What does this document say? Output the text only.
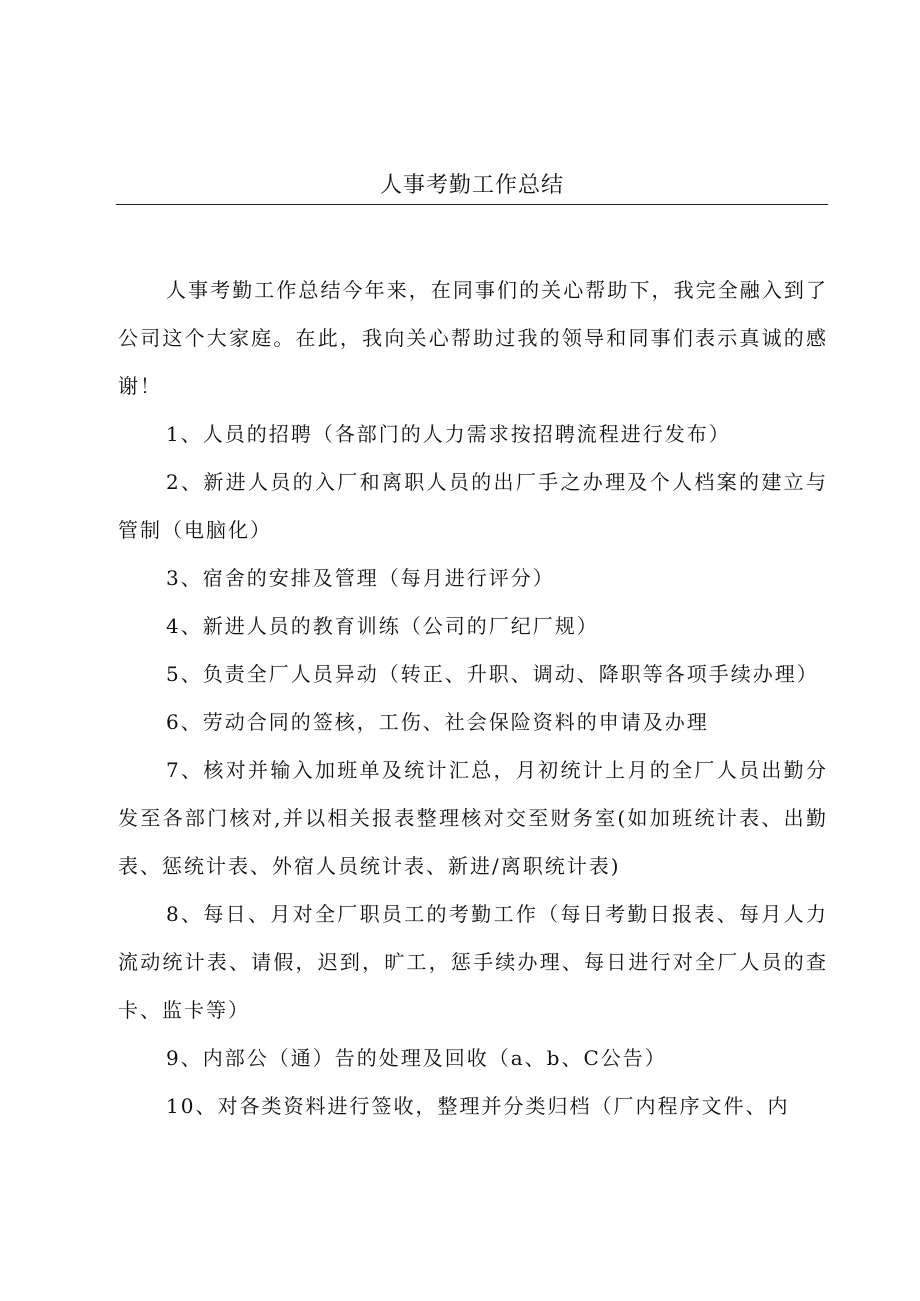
人事考勤工作总结

人事考勤工作总结今年来，在同事们的关心帮助下，我完全融入到了公司这个大家庭。在此，我向关心帮助过我的领导和同事们表示真诚的感谢！

1、人员的招聘（各部门的人力需求按招聘流程进行发布）

2、新进人员的入厂和离职人员的出厂手之办理及个人档案的建立与管制（电脑化）

3、宿舍的安排及管理（每月进行评分）

4、新进人员的教育训练（公司的厂纪厂规）

5、负责全厂人员异动（转正、升职、调动、降职等各项手续办理）

6、劳动合同的签核，工伤、社会保险资料的申请及办理

7、核对并输入加班单及统计汇总，月初统计上月的全厂人员出勤分发至各部门核对,并以相关报表整理核对交至财务室(如加班统计表、出勤表、惩统计表、外宿人员统计表、新进/离职统计表)

8、每日、月对全厂职员工的考勤工作（每日考勤日报表、每月人力流动统计表、请假，迟到，旷工，惩手续办理、每日进行对全厂人员的查卡、监卡等）

9、内部公（通）告的处理及回收（a、b、C公告）

10、对各类资料进行签收，整理并分类归档（厂内程序文件、内
